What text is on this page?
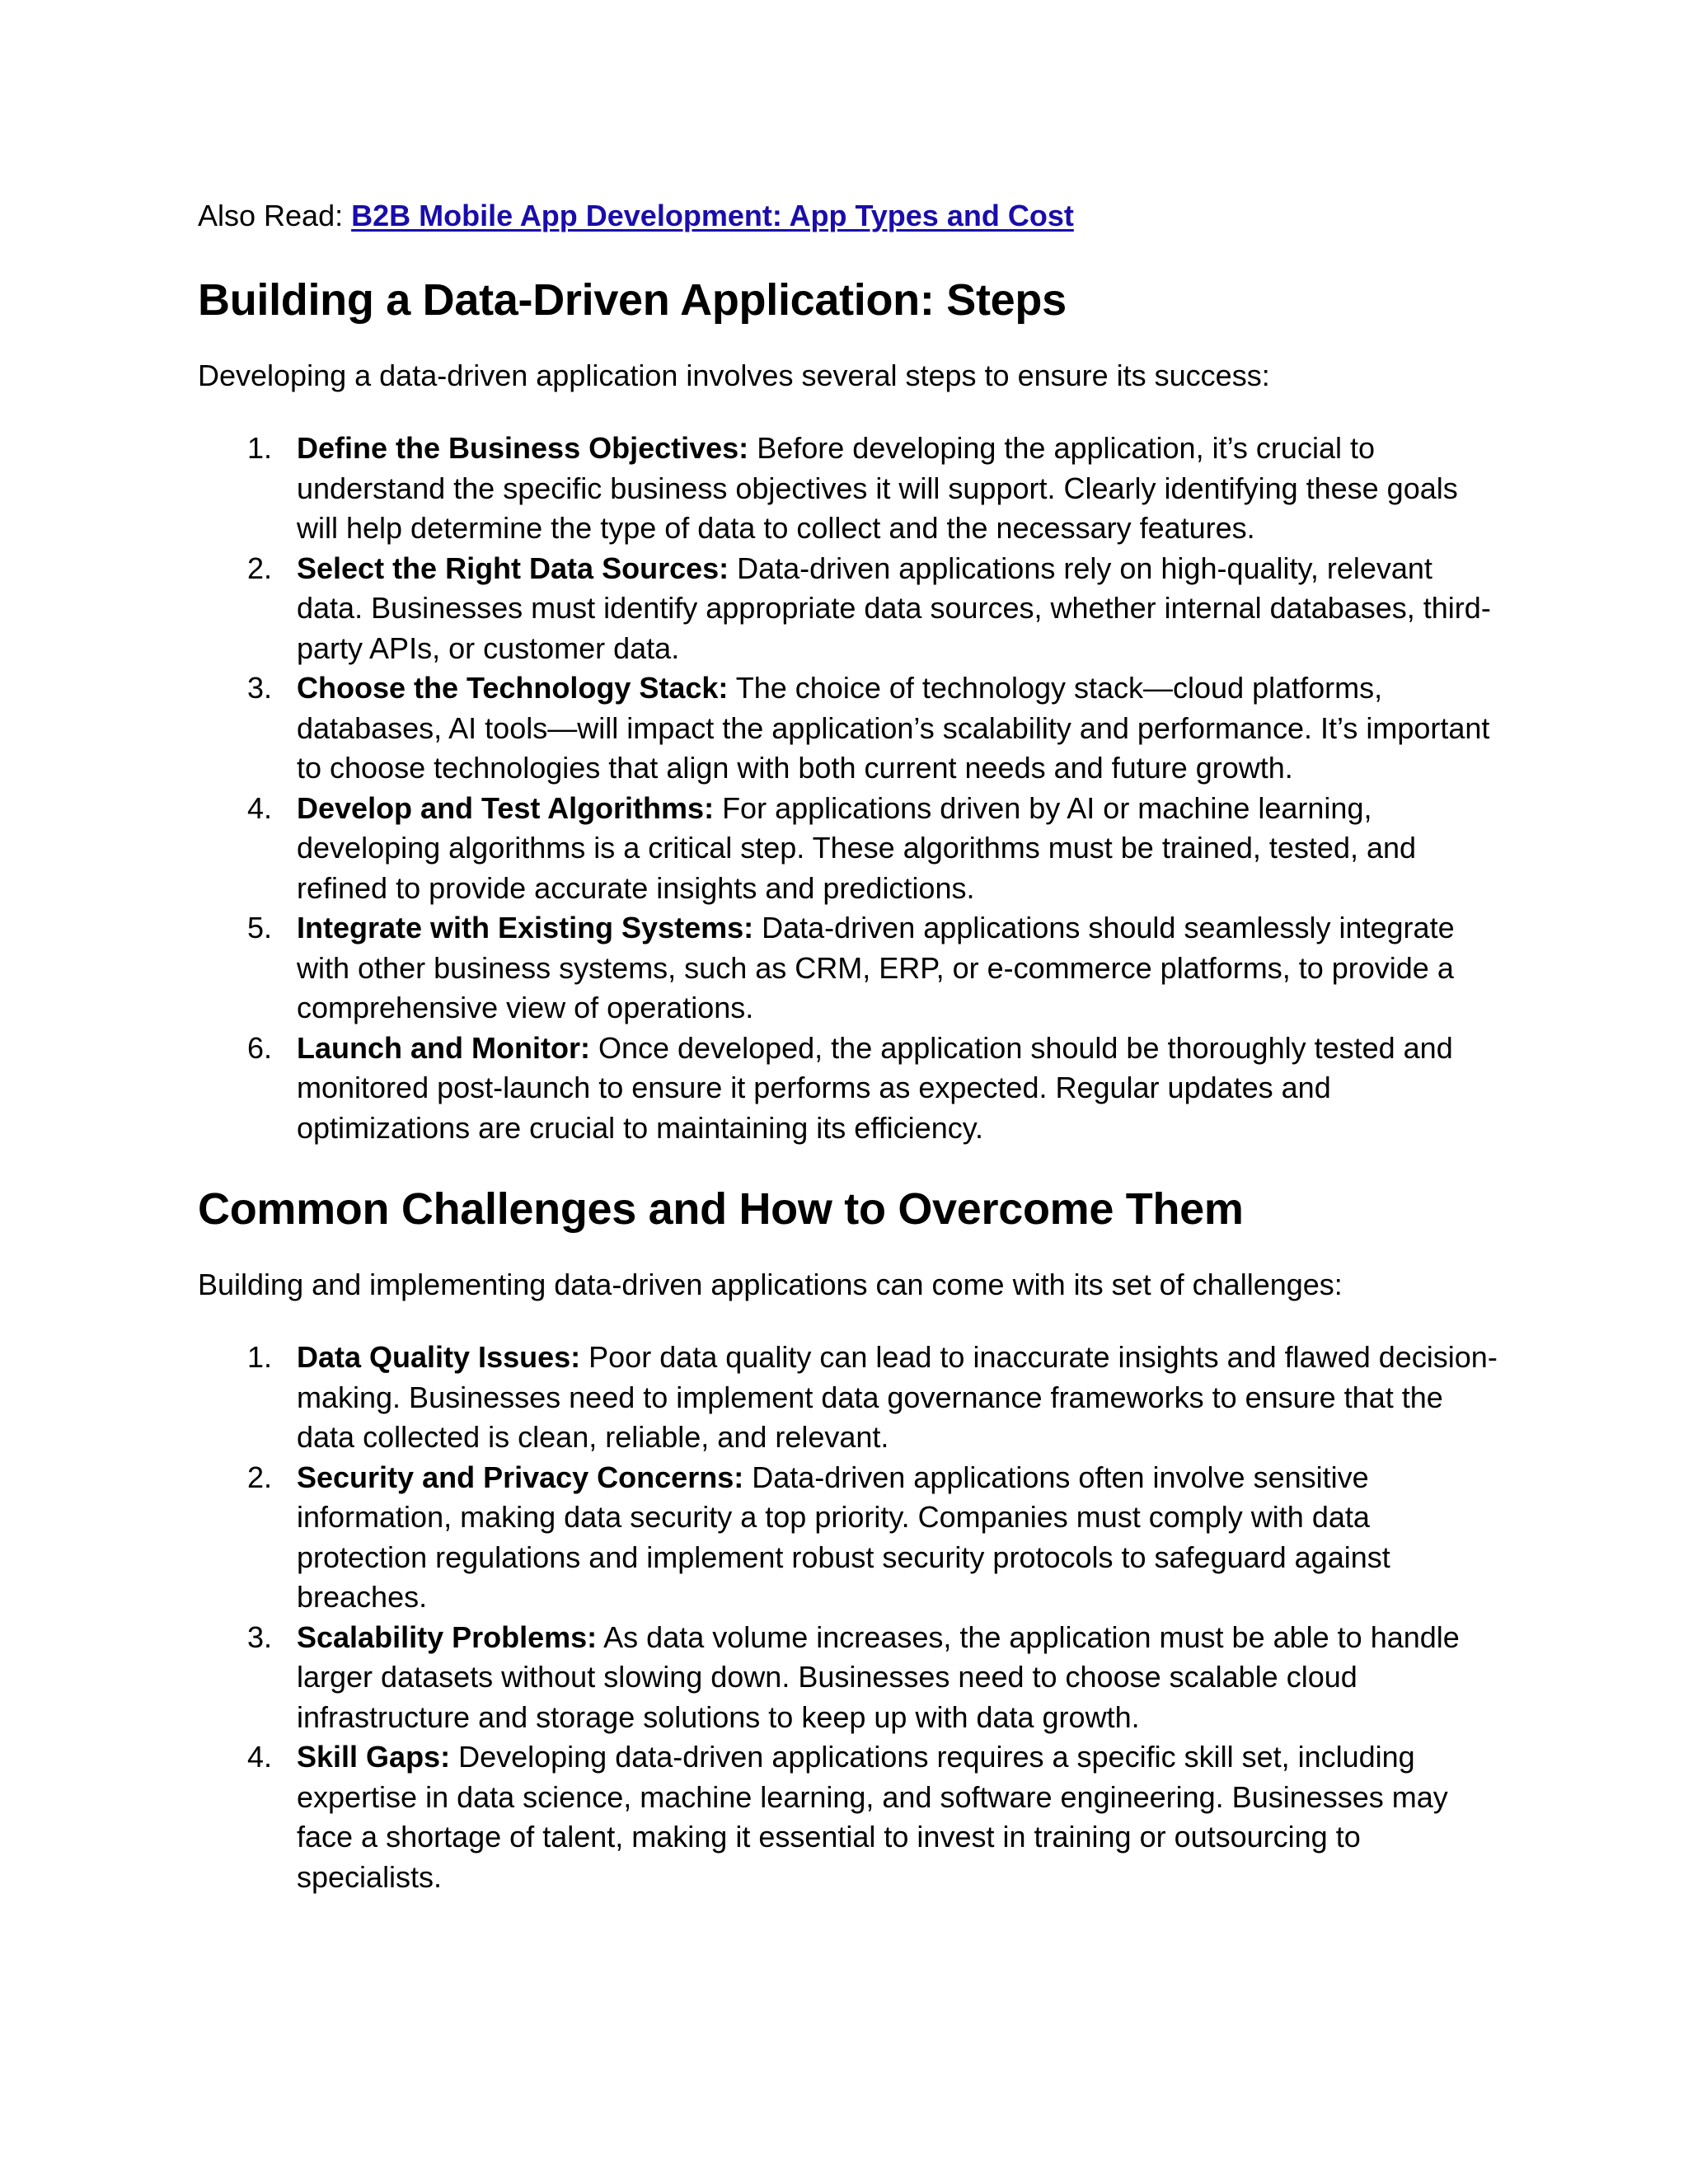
Also Read: B2B Mobile App Development: App Types and Cost

Building a Data-Driven Application: Steps

Developing a data-driven application involves several steps to ensure its success:

1. Define the Business Objectives: Before developing the application, it’s crucial to understand the specific business objectives it will support. Clearly identifying these goals will help determine the type of data to collect and the necessary features.
2. Select the Right Data Sources: Data-driven applications rely on high-quality, relevant data. Businesses must identify appropriate data sources, whether internal databases, third-party APIs, or customer data.
3. Choose the Technology Stack: The choice of technology stack—cloud platforms, databases, AI tools—will impact the application’s scalability and performance. It’s important to choose technologies that align with both current needs and future growth.
4. Develop and Test Algorithms: For applications driven by AI or machine learning, developing algorithms is a critical step. These algorithms must be trained, tested, and refined to provide accurate insights and predictions.
5. Integrate with Existing Systems: Data-driven applications should seamlessly integrate with other business systems, such as CRM, ERP, or e-commerce platforms, to provide a comprehensive view of operations.
6. Launch and Monitor: Once developed, the application should be thoroughly tested and monitored post-launch to ensure it performs as expected. Regular updates and optimizations are crucial to maintaining its efficiency.
Common Challenges and How to Overcome Them

Building and implementing data-driven applications can come with its set of challenges:

1. Data Quality Issues: Poor data quality can lead to inaccurate insights and flawed decision-making. Businesses need to implement data governance frameworks to ensure that the data collected is clean, reliable, and relevant.
2. Security and Privacy Concerns: Data-driven applications often involve sensitive information, making data security a top priority. Companies must comply with data protection regulations and implement robust security protocols to safeguard against breaches.
3. Scalability Problems: As data volume increases, the application must be able to handle larger datasets without slowing down. Businesses need to choose scalable cloud infrastructure and storage solutions to keep up with data growth.
4. Skill Gaps: Developing data-driven applications requires a specific skill set, including expertise in data science, machine learning, and software engineering. Businesses may face a shortage of talent, making it essential to invest in training or outsourcing to specialists.
